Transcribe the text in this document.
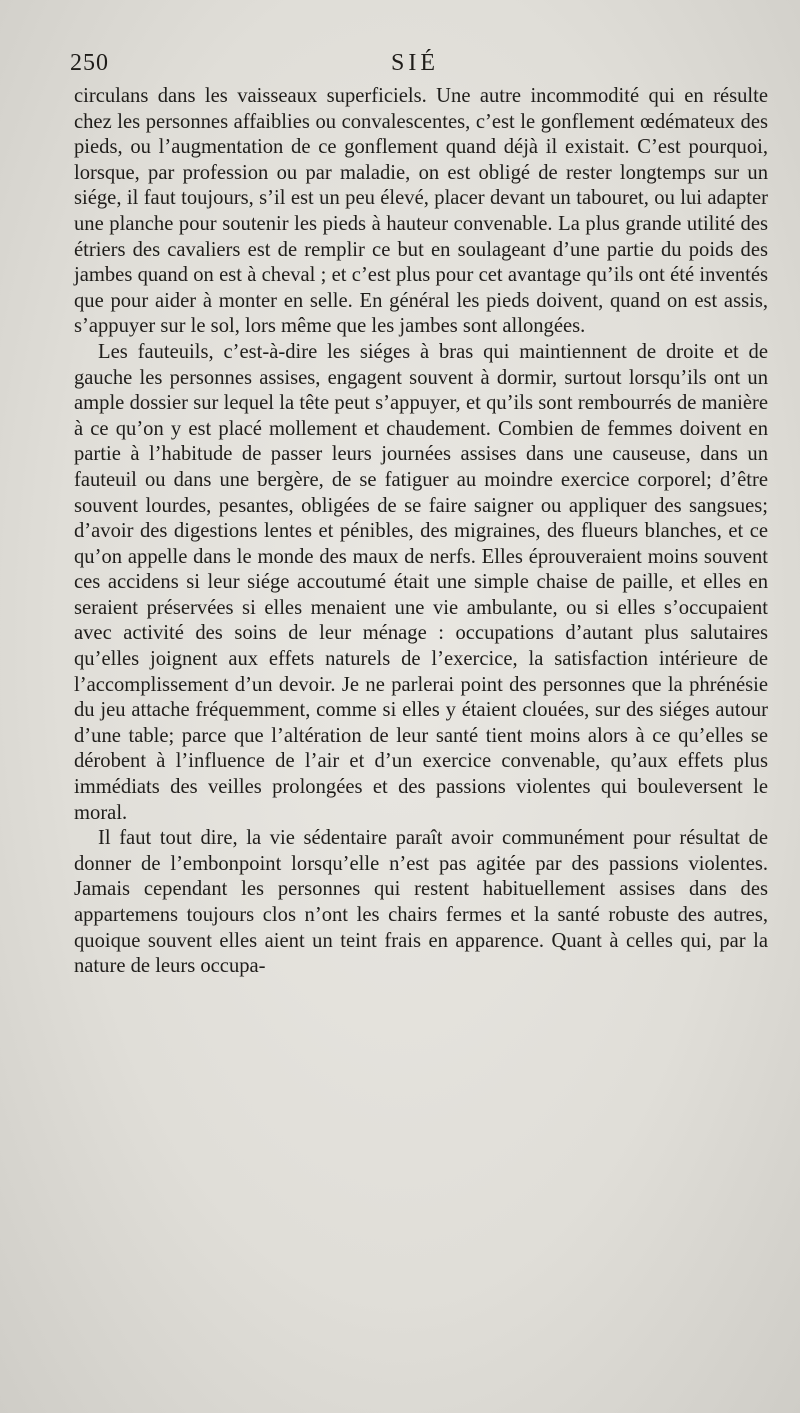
250	SIÉ

circulans dans les vaisseaux superficiels. Une autre incommodité qui en résulte chez les personnes affaiblies ou convalescentes, c’est le gonflement œdémateux des pieds, ou l’augmentation de ce gonflement quand déjà il existait. C’est pourquoi, lorsque, par profession ou par maladie, on est obligé de rester longtemps sur un siége, il faut toujours, s’il est un peu élevé, placer devant un tabouret, ou lui adapter une planche pour soutenir les pieds à hauteur convenable. La plus grande utilité des étriers des cavaliers est de remplir ce but en soulageant d’une partie du poids des jambes quand on est à cheval ; et c’est plus pour cet avantage qu’ils ont été inventés que pour aider à monter en selle. En général les pieds doivent, quand on est assis, s’appuyer sur le sol, lors même que les jambes sont allongées.

Les fauteuils, c’est-à-dire les siéges à bras qui maintiennent de droite et de gauche les personnes assises, engagent souvent à dormir, surtout lorsqu’ils ont un ample dossier sur lequel la tête peut s’appuyer, et qu’ils sont rembourrés de manière à ce qu’on y est placé mollement et chaudement. Combien de femmes doivent en partie à l’habitude de passer leurs journées assises dans une causeuse, dans un fauteuil ou dans une bergère, de se fatiguer au moindre exercice corporel; d’être souvent lourdes, pesantes, obligées de se faire saigner ou appliquer des sangsues; d’avoir des digestions lentes et pénibles, des migraines, des flueurs blanches, et ce qu’on appelle dans le monde des maux de nerfs. Elles éprouveraient moins souvent ces accidens si leur siége accoutumé était une simple chaise de paille, et elles en seraient préservées si elles menaient une vie ambulante, ou si elles s’occupaient avec activité des soins de leur ménage : occupations d’autant plus salutaires qu’elles joignent aux effets naturels de l’exercice, la satisfaction intérieure de l’accomplissement d’un devoir. Je ne parlerai point des personnes que la phrénésie du jeu attache fréquemment, comme si elles y étaient clouées, sur des siéges autour d’une table; parce que l’altération de leur santé tient moins alors à ce qu’elles se dérobent à l’influence de l’air et d’un exercice convenable, qu’aux effets plus immédiats des veilles prolongées et des passions violentes qui bouleversent le moral.

Il faut tout dire, la vie sédentaire paraît avoir communément pour résultat de donner de l’embonpoint lorsqu’elle n’est pas agitée par des passions violentes. Jamais cependant les personnes qui restent habituellement assises dans des appartemens toujours clos n’ont les chairs fermes et la santé robuste des autres, quoique souvent elles aient un teint frais en apparence. Quant à celles qui, par la nature de leurs occupa-
